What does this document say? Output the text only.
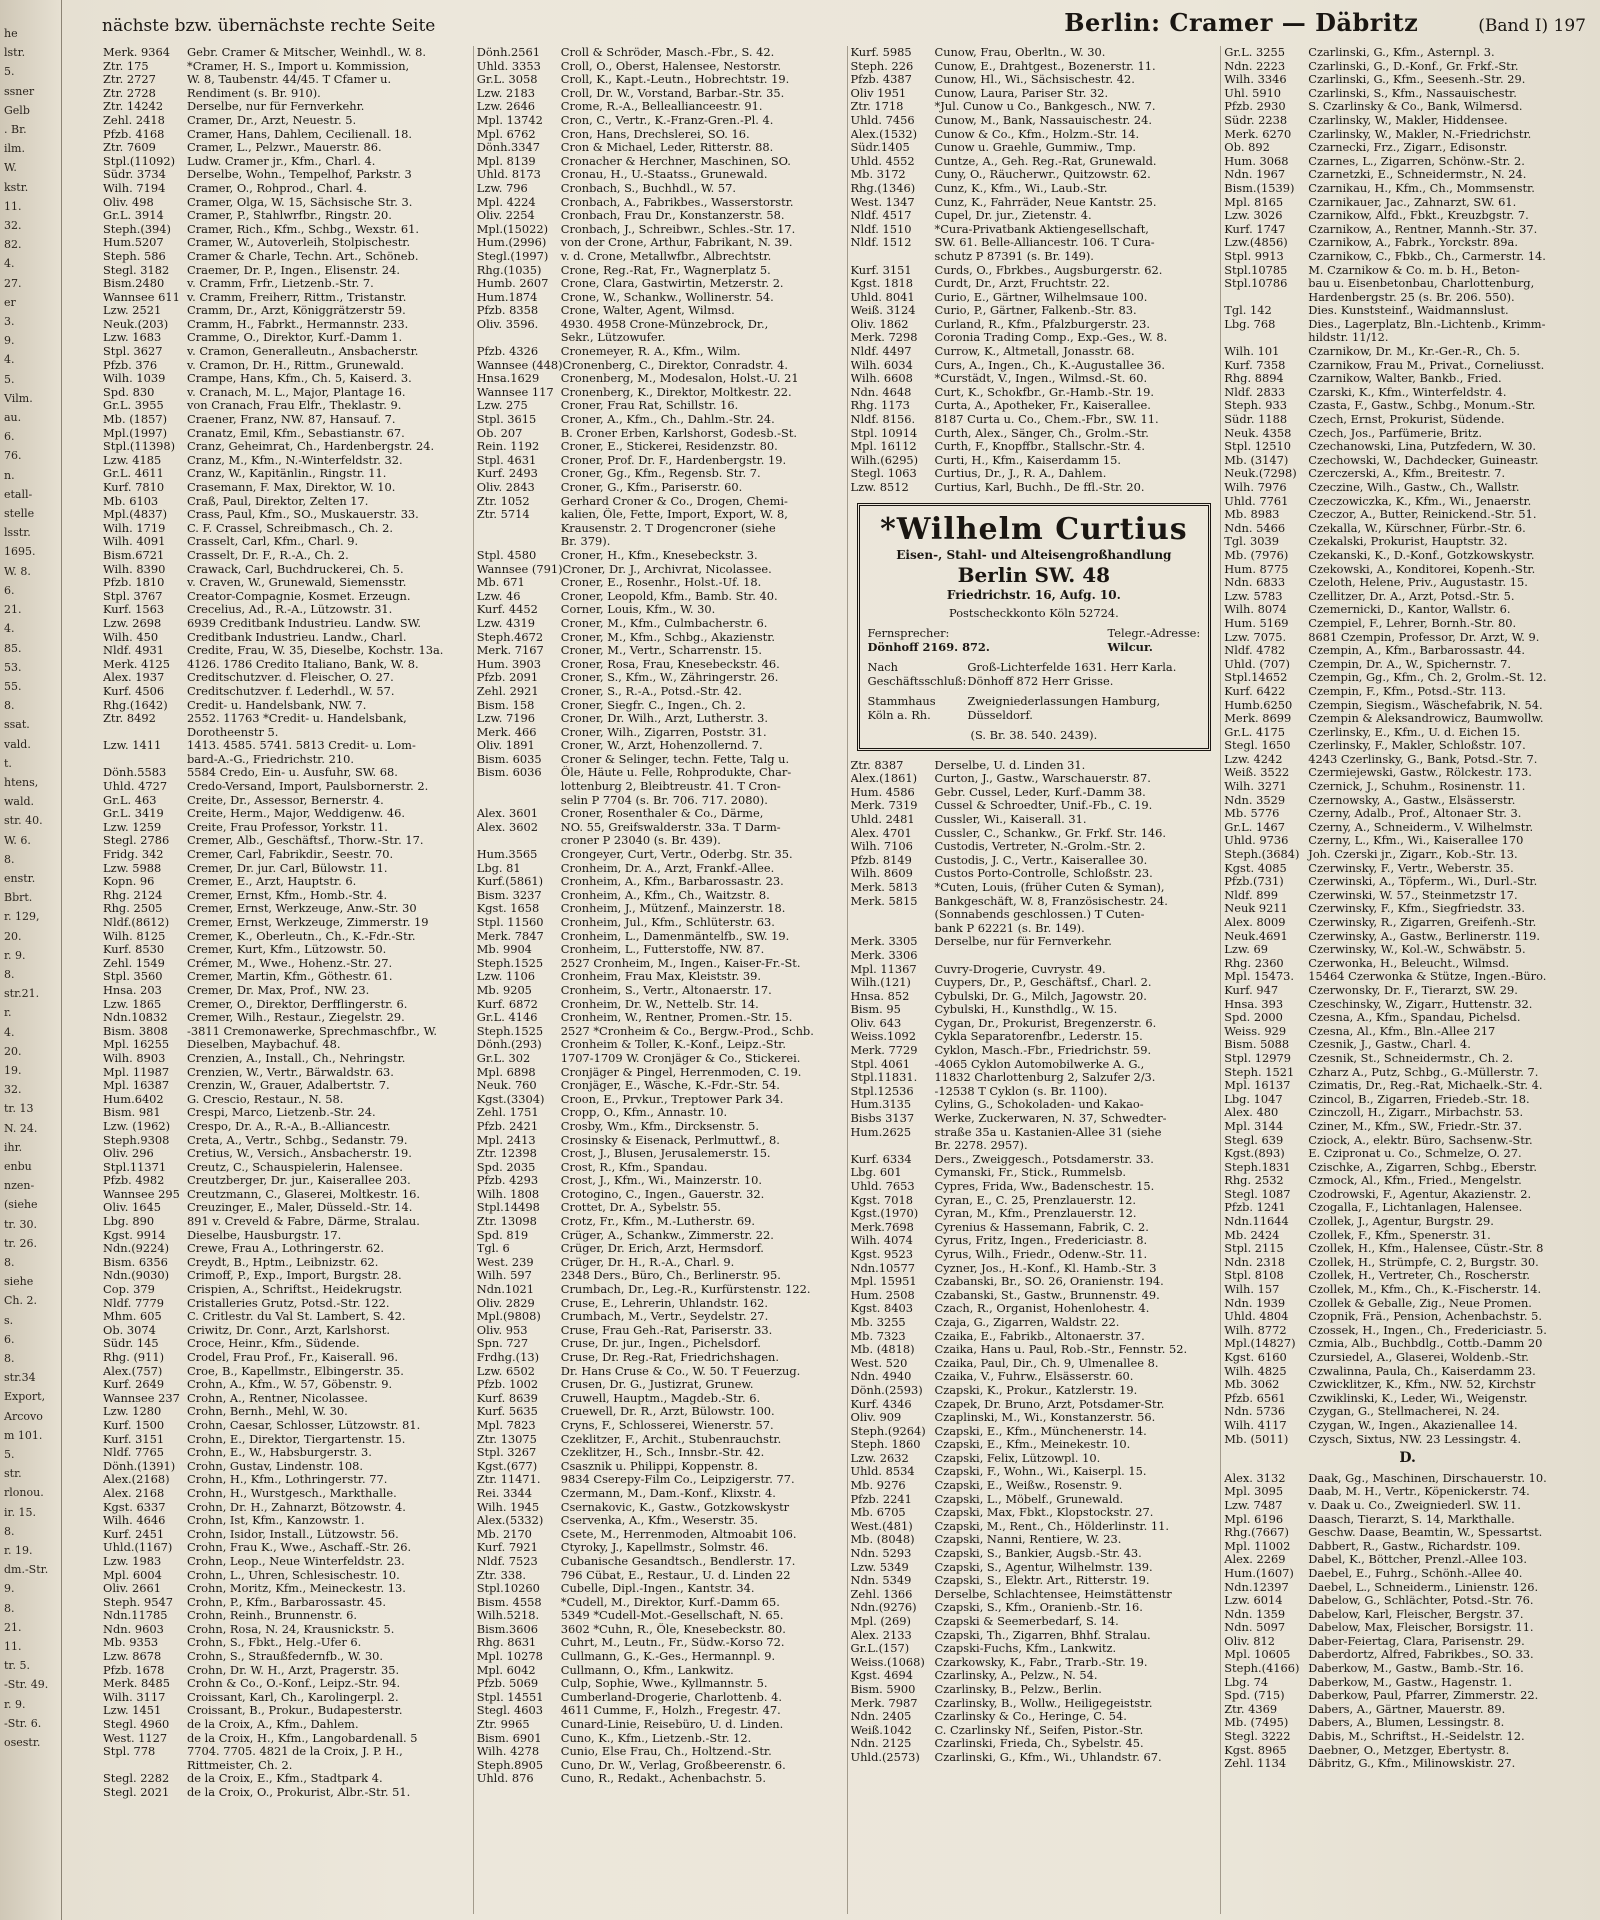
he
lstr.
5.
ssner
Gelb
. Br.
ilm.
W.
kstr.
11.
32.
82.
4.
27.
er
3.
9.
4.
5.
Vilm.
au.
6.
76.
n.
etall-
stelle
lsstr.
1695.
W. 8.
6.
21.
4.
85.
53.
55.
8.
ssat.
vald.
t.
htens,
wald.
str. 40.
W. 6.
8.
enstr.
Bbrt.
r. 129,
20.
r. 9.
8.
str.21.
r.
4.
20.
19.
32.
tr. 13
N. 24.
ihr.
enbu
nzen-
(siehe
tr. 30.
tr. 26.
8.
siehe
Ch. 2.
s.
6.
8.
str.34
Export,
Arcovo
m 101.
5.
str.
rlonou.
ir. 15.
8.
r. 19.
dm.-Str.
9.
8.
21.
11.
tr. 5.
-Str. 49.
r. 9.
-Str. 6.
osestr.
nächste bzw. übernächste rechte Seite	Berlin: Cramer — Däbritz	(Band I) 197
Merk. 9364 Gebr. Cramer & Mitscher, Weinhdl., W. 8.
Ztr. 175	*Cramer, H. S., Import u. Kommission,
Ztr. 2727	W. 8, Taubenstr. 44/45. T Cfamer u.
Ztr. 2728	Rendiment (s. Br. 910).
Ztr. 14242 Derselbe, nur für Fernverkehr.
Zehl. 2418 Cramer, Dr., Arzt, Neuestr. 5.
Pfzb. 4168 Cramer, Hans, Dahlem, Cecilienall. 18.
Ztr. 7609	Cramer, L., Pelzwr., Mauerstr. 86.
Stpl.(11092) Ludw. Cramer jr., Kfm., Charl. 4.
Südr. 3734 Derselbe, Wohn., Tempelhof, Parkstr. 3
Wilh. 7194 Cramer, O., Rohprod., Charl. 4.
Oliv. 498	Cramer, Olga, W. 15, Sächsische Str. 3.
Gr.L. 3914 Cramer, P., Stahlwrfbr., Ringstr. 20.
Steph.(394) Cramer, Rich., Kfm., Schbg., Wexstr. 61.
Hum.5207 Cramer, W., Autoverleih, Stolpischestr.
Steph. 586 Cramer & Charle, Techn. Art., Schöneb.
Stegl. 3182 Craemer, Dr. P., Ingen., Elisenstr. 24.
Bism.2480 v. Cramm, Frfr., Lietzenb.-Str. 7.
Wannsee 611 v. Cramm, Freiherr, Rittm., Tristanstr.
Lzw. 2521 Cramm, Dr., Arzt, Königgrätzerstr 59.
Neuk.(203) Cramm, H., Fabrkt., Hermannstr. 233.
Lzw. 1683 Cramme, O., Direktor, Kurf.-Damm 1.
Stpl. 3627 v. Cramon, Generalleutn., Ansbacherstr.
Pfzb. 376	v. Cramon, Dr. H., Rittm., Grunewald.
Wilh. 1039 Crampe, Hans, Kfm., Ch. 5, Kaiserd. 3.
Spd. 830	v. Cranach, M. L., Major, Plantage 16.
Gr.L. 3955 von Cranach, Frau Elfr., Theklastr. 9.
Mb. (1857) Craener, Franz, NW. 87, Hansauf. 7.
Mpl.(1997) Cranatz, Emil, Kfm., Sebastianstr. 67.
Stpl.(11398) Cranz, Geheimrat, Ch., Hardenbergstr. 24.
Lzw. 4185 Cranz, M., Kfm., N.-Winterfeldstr. 32.
Gr.L. 4611 Cranz, W., Kapitänlin., Ringstr. 11.
Kurf. 7810 Crasemann, F. Max, Direktor, W. 10.
Mb. 6103	Craß, Paul, Direktor, Zelten 17.
Mpl.(4837) Crass, Paul, Kfm., SO., Muskauerstr. 33.
Wilh. 1719 C. F. Crassel, Schreibmasch., Ch. 2.
Wilh. 4091 Crasselt, Carl, Kfm., Charl. 9.
Bism.6721 Crasselt, Dr. F., R.-A., Ch. 2.
Wilh. 8390 Crawack, Carl, Buchdruckerei, Ch. 5.
Pfzb. 1810 v. Craven, W., Grunewald, Siemensstr.
Stpl. 3767 Creator-Compagnie, Kosmet. Erzeugn.
Kurf. 1563 Crecelius, Ad., R.-A., Lützowstr. 31.
Lzw. 2698 6939 Creditbank Industrieu. Landw. SW.
Wilh. 450	Creditbank Industrieu. Landw., Charl.
Nldf. 4931 Credite, Frau, W. 35, Dieselbe, Kochstr. 13a.
Merk. 4125 4126. 1786 Credito Italiano, Bank, W. 8.
Alex. 1937 Creditschutzver. d. Fleischer, O. 27.
Kurf. 4506 Creditschutzver. f. Lederhdl., W. 57.
Rhg.(1642) Credit- u. Handelsbank, NW. 7.
Ztr. 8492	2552. 11763 *Credit- u. Handelsbank,
Dorotheenstr 5.
Lzw. 1411 1413. 4585. 5741. 5813 Credit- u. Lom-
bard-A.-G., Friedrichstr. 210.
Dönh.5583 5584 Credo, Ein- u. Ausfuhr, SW. 68.
Uhld. 4727 Credo-Versand, Import, Paulsbornerstr. 2.
Gr.L. 463	Creite, Dr., Assessor, Bernerstr. 4.
Gr.L. 3419 Creite, Herm., Major, Weddigenw. 46.
Lzw. 1259 Creite, Frau Professor, Yorkstr. 11.
Stegl. 2786 Cremer, Alb., Geschäftsf., Thorw.-Str. 17.
Fridg. 342 Cremer, Carl, Fabrikdir., Seestr. 70.
Lzw. 5988 Cremer, Dr. jur. Carl, Bülowstr. 11.
Kopn. 96	Cremer, E., Arzt, Hauptstr. 6.
Rhg. 2124 Cremer, Ernst, Kfm., Homb.-Str. 4.
Rhg. 2505 Cremer, Ernst, Werkzeuge, Anw.-Str. 30
Nldf.(8612) Cremer, Ernst, Werkzeuge, Zimmerstr. 19
Wilh. 8125 Cremer, K., Oberleutn., Ch., K.-Fdr.-Str.
Kurf. 8530 Cremer, Kurt, Kfm., Lützowstr. 50.
Zehl. 1549 Crémer, M., Wwe., Hohenz.-Str. 27.
Stpl. 3560 Cremer, Martin, Kfm., Göthestr. 61.
Hnsa. 203 Cremer, Dr. Max, Prof., NW. 23.
Lzw. 1865 Cremer, O., Direktor, Derfflingerstr. 6.
Ndn.10832 Cremer, Wilh., Restaur., Ziegelstr. 29.
Bism. 3808 -3811 Cremonawerke, Sprechmaschfbr., W.
Mpl. 16255 Dieselben, Maybachuf. 48.
Wilh. 8903 Crenzien, A., Install., Ch., Nehringstr.
Mpl. 11987 Crenzien, W., Vertr., Bärwaldstr. 63.
Mpl. 16387 Crenzin, W., Grauer, Adalbertstr. 7.
Hum.6402 G. Crescio, Restaur., N. 58.
Bism. 981 Crespi, Marco, Lietzenb.-Str. 24.
Lzw. (1962) Crespo, Dr. A., R.-A., B.-Alliancestr.
Steph.9308 Creta, A., Vertr., Schbg., Sedanstr. 79.
Oliv. 296	Cretius, W., Versich., Ansbacherstr. 19.
Stpl.11371 Creutz, C., Schauspielerin, Halensee.
Pfzb. 4982 Creutzberger, Dr. jur., Kaiserallee 203.
Wannsee 295 Creutzmann, C., Glaserei, Moltkestr. 16.
Oliv. 1645 Creuzinger, E., Maler, Düsseld.-Str. 14.
Lbg. 890	891 v. Creveld & Fabre, Därme, Stralau.
Kgst. 9914 Dieselbe, Hausburgstr. 17.
Ndn.(9224) Crewe, Frau A., Lothringerstr. 62.
Bism. 6356 Creydt, B., Hptm., Leibnizstr. 62.
Ndn.(9030) Crimoff, P., Exp., Import, Burgstr. 28.
Cop. 379	Crispien, A., Schriftst., Heidekrugstr.
Nldf. 7779 Cristalleries Grutz, Potsd.-Str. 122.
Mhm. 605 C. Critlestr. du Val St. Lambert, S. 42.
Ob. 3074	Criwitz, Dr. Conr., Arzt, Karlshorst.
Südr. 145 Croce, Heinr., Kfm., Südende.
Rhg. (911) Crodel, Frau Prof., Fr., Kaiserall. 96.
Alex.(757) Croe, B., Kapellmstr., Elbingerstr. 35.
Kurf. 2649 Crohn, A., Kfm., W. 57, Göbenstr. 9.
Wannsee 237 Crohn, A., Rentner, Nicolassee.
Lzw. 1280 Crohn, Bernh., Mehl, W. 30.
Kurf. 1500 Crohn, Caesar, Schlosser, Lützowstr. 81.
Kurf. 3151 Crohn, E., Direktor, Tiergartenstr. 15.
Nldf. 7765 Crohn, E., W., Habsburgerstr. 3.
Dönh.(1391) Crohn, Gustav, Lindenstr. 108.
Alex.(2168) Crohn, H., Kfm., Lothringerstr. 77.
Alex. 2168 Crohn, H., Wurstgesch., Markthalle.
Kgst. 6337 Crohn, Dr. H., Zahnarzt, Bötzowstr. 4.
Wilh. 4646 Crohn, Ist, Kfm., Kanzowstr. 1.
Kurf. 2451 Crohn, Isidor, Install., Lützowstr. 56.
Uhld.(1167) Crohn, Frau K., Wwe., Aschaff.-Str. 26.
Lzw. 1983 Crohn, Leop., Neue Winterfeldstr. 23.
Mpl. 6004 Crohn, L., Uhren, Schlesischestr. 10.
Oliv. 2661 Crohn, Moritz, Kfm., Meineckestr. 13.
Steph. 9547 Crohn, P., Kfm., Barbarossastr. 45.
Ndn.11785 Crohn, Reinh., Brunnenstr. 6.
Ndn. 9603 Crohn, Rosa, N. 24, Krausnickstr. 5.
Mb. 9353	Crohn, S., Fbkt., Helg.-Ufer 6.
Lzw. 8678 Crohn, S., Straußfedernfb., W. 30.
Pfzb. 1678 Crohn, Dr. W. H., Arzt, Pragerstr. 35.
Merk. 8485 Crohn & Co., O.-Konf., Leipz.-Str. 94.
Wilh. 3117 Croissant, Karl, Ch., Karolingerpl. 2.
Lzw. 1451 Croissant, B., Prokur., Budapesterstr.
Stegl. 4960 de la Croix, A., Kfm., Dahlem.
West. 1127 de la Croix, H., Kfm., Langobardenall. 5
Stpl. 778	7704. 7705. 4821 de la Croix, J. P. H.,
Rittmeister, Ch. 2.
Stegl. 2282 de la Croix, E., Kfm., Stadtpark 4.
Stegl. 2021 de la Croix, O., Prokurist, Albr.-Str. 51.
Dönh.2561 Croll & Schröder, Masch.-Fbr., S. 42.
Uhld. 3353 Croll, O., Oberst, Halensee, Nestorstr.
Gr.L. 3058 Croll, K., Kapt.-Leutn., Hobrechtstr. 19.
Lzw. 2183 Croll, Dr. W., Vorstand, Barbar.-Str. 35.
Lzw. 2646 Crome, R.-A., Belleallianceestr. 91.
Mpl. 13742 Cron, C., Vertr., K.-Franz-Gren.-Pl. 4.
Mpl. 6762 Cron, Hans, Drechslerei, SO. 16.
Dönh.3347 Cron & Michael, Leder, Ritterstr. 88.
Mpl. 8139 Cronacher & Herchner, Maschinen, SO.
Uhld. 8173 Cronau, H., U.-Staatss., Grunewald.
Lzw. 796	Cronbach, S., Buchhdl., W. 57.
Mpl. 4224 Cronbach, A., Fabrikbes., Wasserstorstr.
Oliv. 2254 Cronbach, Frau Dr., Konstanzerstr. 58.
Mpl.(15022) Cronbach, J., Schreibwr., Schles.-Str. 17.
Hum.(2996) von der Crone, Arthur, Fabrikant, N. 39.
Stegl.(1997) v. d. Crone, Metallwfbr., Albrechtstr.
Rhg.(1035) Crone, Reg.-Rat, Fr., Wagnerplatz 5.
Humb. 2607 Crone, Clara, Gastwirtin, Metzerstr. 2.
Hum.1874 Crone, W., Schankw., Wollinerstr. 54.
Pfzb. 8358 Crone, Walter, Agent, Wilmsd.
Oliv. 3596. 4930. 4958 Crone-Münzebrock, Dr.,
Sekr., Lützowufer.
Pfzb. 4326 Cronemeyer, R. A., Kfm., Wilm.
Wannsee (448)Cronenberg, C., Direktor, Conradstr. 4.
Hnsa.1629 Cronenberg, M., Modesalon, Holst.-U. 21
Wannsee 117 Cronenberg, K., Direktor, Moltkestr. 22.
Lzw. 275	Croner, Frau Rat, Schillstr. 16.
Stpl. 3615 Croner, A., Kfm., Ch., Dahlm.-Str. 24.
Ob. 207	B. Croner Erben, Karlshorst, Godesb.-St.
Rein. 1192 Croner, E., Stickerei, Residenzstr. 80.
Stpl. 4631 Croner, Prof. Dr. F., Hardenbergstr. 19.
Kurf. 2493 Croner, Gg., Kfm., Regensb. Str. 7.
Oliv. 2843 Croner, G., Kfm., Pariserstr. 60.
Ztr. 1052	Gerhard Croner & Co., Drogen, Chemi-
Ztr. 5714	kalien, Öle, Fette, Import, Export, W. 8,
Krausenstr. 2. T Drogencroner (siehe
Br. 379).
Stpl. 4580 Croner, H., Kfm., Knesebeckstr. 3.
Wannsee (791)Croner, Dr. J., Archivrat, Nicolassee.
Mb. 671	Croner, E., Rosenhr., Holst.-Uf. 18.
Lzw. 46	Croner, Leopold, Kfm., Bamb. Str. 40.
Kurf. 4452 Corner, Louis, Kfm., W. 30.
Lzw. 4319 Croner, M., Kfm., Culmbacherstr. 6.
Steph.4672 Croner, M., Kfm., Schbg., Akazienstr.
Merk. 7167 Croner, M., Vertr., Scharrenstr. 15.
Hum. 3903 Croner, Rosa, Frau, Knesebeckstr. 46.
Pfzb. 2091 Croner, S., Kfm., W., Zähringerstr. 26.
Zehl. 2921 Croner, S., R.-A., Potsd.-Str. 42.
Bism. 158 Croner, Siegfr. C., Ingen., Ch. 2.
Lzw. 7196 Croner, Dr. Wilh., Arzt, Lutherstr. 3.
Merk. 466 Croner, Wilh., Zigarren, Poststr. 31.
Oliv. 1891 Croner, W., Arzt, Hohenzollernd. 7.
Bism. 6035 Croner & Selinger, techn. Fette, Talg u.
Bism. 6036 Öle, Häute u. Felle, Rohprodukte, Char-
lottenburg 2, Bleibtreustr. 41. T Cron-
selin P 7704 (s. Br. 706. 717. 2080).
Alex. 3601 Croner, Rosenthaler & Co., Därme,
Alex. 3602 NO. 55, Greifswalderstr. 33a. T Darm-
croner P 23040 (s. Br. 439).
Hum.3565 Crongeyer, Curt, Vertr., Oderbg. Str. 35.
Lbg. 81	Cronheim, Dr. A., Arzt, Frankf.-Allee.
Kurf.(5861) Cronheim, A., Kfm., Barbarossastr. 23.
Bism. 3237 Cronheim, A., Kfm., Ch., Waitzstr. 8.
Kgst. 1658 Cronheim, J., Mützenf., Mainzerstr. 18.
Stpl. 11560 Cronheim, Jul., Kfm., Schlüterstr. 63.
Merk. 7847 Cronheim, L., Damenmäntelfb., SW. 19.
Mb. 9904	Cronheim, L., Futterstoffe, NW. 87.
Steph.1525 2527 Cronheim, M., Ingen., Kaiser-Fr.-St.
Lzw. 1106 Cronheim, Frau Max, Kleiststr. 39.
Mb. 9205	Cronheim, S., Vertr., Altonaerstr. 17.
Kurf. 6872 Cronheim, Dr. W., Nettelb. Str. 14.
Gr.L. 4146 Cronheim, W., Rentner, Promen.-Str. 15.
Steph.1525 2527 *Cronheim & Co., Bergw.-Prod., Schb.
Dönh.(293) Cronheim & Toller, K.-Konf., Leipz.-Str.
Gr.L. 302	1707-1709 W. Cronjäger & Co., Stickerei.
Mpl. 6898 Cronjäger & Pingel, Herrenmoden, C. 19.
Neuk. 760 Cronjäger, E., Wäsche, K.-Fdr.-Str. 54.
Kgst.(3304) Croon, E., Prvkur., Treptower Park 34.
Zehl. 1751 Cropp, O., Kfm., Annastr. 10.
Pfzb. 2421 Crosby, Wm., Kfm., Dircksenstr. 5.
Mpl. 2413 Crosinsky & Eisenack, Perlmuttwf., 8.
Ztr. 12398 Crost, J., Blusen, Jerusalemerstr. 15.
Spd. 2035 Crost, R., Kfm., Spandau.
Pfzb. 4293 Crost, J., Kfm., Wi., Mainzerstr. 10.
Wilh. 1808 Crotogino, C., Ingen., Gauerstr. 32.
Stpl.14498 Crottet, Dr. A., Sybelstr. 55.
Ztr. 13098 Crotz, Fr., Kfm., M.-Lutherstr. 69.
Spd. 819	Crüger, A., Schankw., Zimmerstr. 22.
Tgl. 6	Crüger, Dr. Erich, Arzt, Hermsdorf.
West. 239 Crüger, Dr. H., R.-A., Charl. 9.
Wilh. 597	2348 Ders., Büro, Ch., Berlinerstr. 95.
Ndn.1021 Crumbach, Dr., Leg.-R., Kurfürstenstr. 122.
Oliv. 2829 Cruse, E., Lehrerin, Uhlandstr. 162.
Mpl.(9808) Crumbach, M., Vertr., Seydelstr. 27.
Oliv. 953	Cruse, Frau Geh.-Rat, Pariserstr. 33.
Spn. 727	Cruse, Dr. jur., Ingen., Pichelsdorf.
Frdhg.(13) Cruse, Dr. Reg.-Rat, Friedrichshagen.
Lzw. 6502 Dr. Hans Cruse & Co., W. 50. T Feuerzug.
Pfzb. 1002 Crusen, Dr. G., Justizrat, Grunew.
Kurf. 8639 Cruwell, Hauptm., Magdeb.-Str. 6.
Kurf. 5635 Cruewell, Dr. R., Arzt, Bülowstr. 100.
Mpl. 7823 Cryns, F., Schlosserei, Wienerstr. 57.
Ztr. 13075 Czeklitzer, F., Archit., Stubenrauchstr.
Stpl. 3267 Czeklitzer, H., Sch., Innsbr.-Str. 42.
Kgst.(677) Csasznik u. Philippi, Koppenstr. 8.
Ztr. 11471. 9834 Cserepy-Film Co., Leipzigerstr. 77.
Rei. 3344	Czermann, M., Dam.-Konf., Klixstr. 4.
Wilh. 1945 Csernakovic, K., Gastw., Gotzkowskystr
Alex.(5332) Cservenka, A., Kfm., Weserstr. 35.
Mb. 2170	Csete, M., Herrenmoden, Altmoabit 106.
Kurf. 7921 Ctyroky, J., Kapellmstr., Solmstr. 46.
Nldf. 7523 Cubanische Gesandtsch., Bendlerstr. 17.
Ztr. 338.	796 Cübat, E., Restaur., U. d. Linden 22
Stpl.10260 Cubelle, Dipl.-Ingen., Kantstr. 34.
Bism. 4558 *Cudell, M., Direktor, Kurf.-Damm 65.
Wilh.5218. 5349 *Cudell-Mot.-Gesellschaft, N. 65.
Bism.3606 3602 *Cuhn, R., Öle, Knesebeckstr. 80.
Rhg. 8631 Cuhrt, M., Leutn., Fr., Südw.-Korso 72.
Mpl. 10278 Cullmann, G., K.-Ges., Hermannpl. 9.
Mpl. 6042 Cullmann, O., Kfm., Lankwitz.
Pfzb. 5069 Culp, Sophie, Wwe., Kyllmannstr. 5.
Stpl. 14551 Cumberland-Drogerie, Charlottenb. 4.
Stegl. 4603 4611 Cumme, F., Holzh., Fregestr. 47.
Ztr. 9965	Cunard-Linie, Reisebüro, U. d. Linden.
Bism. 6901 Cuno, K., Kfm., Lietzenb.-Str. 12.
Wilh. 4278 Cunio, Else Frau, Ch., Holtzend.-Str.
Steph.8905 Cuno, Dr. W., Verlag, Großbeerenstr. 6.
Uhld. 876 Cuno, R., Redakt., Achenbachstr. 5.
Kurf. 5985 Cunow, Frau, Oberltn., W. 30.
Steph. 226 Cunow, E., Drahtgest., Bozenerstr. 11.
Pfzb. 4387 Cunow, Hl., Wi., Sächsischestr. 42.
Oliv 1951 Cunow, Laura, Pariser Str. 32.
Ztr. 1718	*Jul. Cunow u Co., Bankgesch., NW. 7.
Uhld. 7456 Cunow, M., Bank, Nassauischestr. 24.
Alex.(1532) Cunow & Co., Kfm., Holzm.-Str. 14.
Südr.1405 Cunow u. Graehle, Gummiw., Tmp.
Uhld. 4552 Cuntze, A., Geh. Reg.-Rat, Grunewald.
Mb. 3172	Cuny, O., Räucherwr., Quitzowstr. 62.
Rhg.(1346) Cunz, K., Kfm., Wi., Laub.-Str.
West. 1347 Cunz, K., Fahrräder, Neue Kantstr. 25.
Nldf. 4517 Cupel, Dr. jur., Zietenstr. 4.
Nldf. 1510 *Cura-Privatbank Aktiengesellschaft,
Nldf. 1512 SW. 61. Belle-Alliancestr. 106. T Cura-
schutz P 87391 (s. Br. 149).
Kurf. 3151 Curds, O., Fbrkbes., Augsburgerstr. 62.
Kgst. 1818 Curdt, Dr., Arzt, Fruchtstr. 22.
Uhld. 8041 Curio, E., Gärtner, Wilhelmsaue 100.
Weiß. 3124 Curio, P., Gärtner, Falkenb.-Str. 83.
Oliv. 1862 Curland, R., Kfm., Pfalzburgerstr. 23.
Merk. 7298 Coronia Trading Comp., Exp.-Ges., W. 8.
Nldf. 4497 Currow, K., Altmetall, Jonasstr. 68.
Wilh. 6034 Curs, A., Ingen., Ch., K.-Augustallee 36.
Wilh. 6608 *Curstädt, V., Ingen., Wilmsd.-St. 60.
Ndn. 4648 Curt, K., Schokfbr., Gr.-Hamb.-Str. 19.
Rhg. 1173 Curta, A., Apotheker, Fr., Kaiserallee.
Nldf. 8156. 8187 Curta u. Co., Chem.-Fbr., SW. 11.
Stpl. 10914 Curth, Alex., Sänger, Ch., Grolm.-Str.
Mpl. 16112 Curth, F., Knopffbr., Stallschr.-Str. 4.
Wilh.(6295) Curti, H., Kfm., Kaiserdamm 15.
Stegl. 1063 Curtius, Dr., J., R. A., Dahlem.
Lzw. 8512 Curtius, Karl, Buchh., De ffl.-Str. 20.
*Wilhelm Curtius
Eisen-, Stahl- und Alteisengroßhandlung
Berlin SW. 48
Friedrichstr. 16, Aufg. 10.
Postscheckkonto Köln 52724.
Fernsprecher:
Dönhoff 2169. 872.
Telegr.-Adresse:
Wilcur.
Nach Geschäftsschluß:
Groß-Lichterfelde 1631. Herr Karla. Dönhoff 872 Herr Grisse.
Stammhaus Köln a. Rh.
Zweigniederlassungen Hamburg, Düsseldorf.
(S. Br. 38. 540. 2439).
Ztr. 8387	Derselbe, U. d. Linden 31.
Alex.(1861) Curton, J., Gastw., Warschauerstr. 87.
Hum. 4586 Gebr. Cussel, Leder, Kurf.-Damm 38.
Merk. 7319 Cussel & Schroedter, Unif.-Fb., C. 19.
Uhld. 2481 Cussler, Wi., Kaiserall. 31.
Alex. 4701 Cussler, C., Schankw., Gr. Frkf. Str. 146.
Wilh. 7106 Custodis, Vertreter, N.-Grolm.-Str. 2.
Pfzb. 8149 Custodis, J. C., Vertr., Kaiserallee 30.
Wilh. 8609 Custos Porto-Controlle, Schloßstr. 23.
Merk. 5813 *Cuten, Louis, (früher Cuten & Syman),
Merk. 5815 Bankgeschäft, W. 8, Französischestr. 24.
(Sonnabends geschlossen.) T Cuten-
bank P 62221 (s. Br. 149).
Merk. 3305 Derselbe, nur für Fernverkehr.
Merk. 3306
Mpl. 11367 Cuvry-Drogerie, Cuvrystr. 49.
Wilh.(121) Cuypers, Dr., P., Geschäftsf., Charl. 2.
Hnsa. 852 Cybulski, Dr. G., Milch, Jagowstr. 20.
Bism. 95	Cybulski, H., Kunsthdlg., W. 15.
Oliv. 643	Cygan, Dr., Prokurist, Bregenzerstr. 6.
Weiss.1092 Cykla Separatorenfbr., Lederstr. 15.
Merk. 7729 Cyklon, Masch.-Fbr., Friedrichstr. 59.
Stpl. 4061 -4065 Cyklon Automobilwerke A. G.,
Stpl.11831. 11832 Charlottenburg 2, Salzufer 2/3.
Stpl.12536 -12538 T Cyklon (s. Br. 1100).
Hum.3135 Cylins, G., Schokoladen- und Kakao-
Bisbs 3137 Werke, Zuckerwaren, N. 37, Schwedter-
Hum.2625 straße 35a u. Kastanien-Allee 31 (siehe
Br. 2278. 2957).
Kurf. 6334 Ders., Zweiggesch., Potsdamerstr. 33.
Lbg. 601	Cymanski, Fr., Stick., Rummelsb.
Uhld. 7653 Cypres, Frida, Ww., Badenschestr. 15.
Kgst. 7018 Cyran, E., C. 25, Prenzlauerstr. 12.
Kgst.(1970) Cyran, M., Kfm., Prenzlauerstr. 12.
Merk.7698 Cyrenius & Hassemann, Fabrik, C. 2.
Wilh. 4074 Cyrus, Fritz, Ingen., Fredericiastr. 8.
Kgst. 9523 Cyrus, Wilh., Friedr., Odenw.-Str. 11.
Ndn.10577 Cyzner, Jos., H.-Konf., Kl. Hamb.-Str. 3
Mpl. 15951 Czabanski, Br., SO. 26, Oranienstr. 194.
Hum. 2508 Czabanski, St., Gastw., Brunnenstr. 49.
Kgst. 8403 Czach, R., Organist, Hohenlohestr. 4.
Mb. 3255	Czaja, G., Zigarren, Waldstr. 22.
Mb. 7323	Czaika, E., Fabrikb., Altonaerstr. 37.
Mb. (4818) Czaika, Hans u. Paul, Rob.-Str., Fennstr. 52.
West. 520 Czaika, Paul, Dir., Ch. 9, Ulmenallee 8.
Ndn. 4940 Czaika, V., Fuhrw., Elsässerstr. 60.
Dönh.(2593) Czapski, K., Prokur., Katzlerstr. 19.
Kurf. 4346 Czapek, Dr. Bruno, Arzt, Potsdamer-Str.
Oliv. 909	Czaplinski, M., Wi., Konstanzerstr. 56.
Steph.(9264) Czapski, E., Kfm., Münchenerstr. 14.
Steph. 1860 Czapski, E., Kfm., Meinekestr. 10.
Lzw. 2632 Czapski, Felix, Lützowpl. 10.
Uhld. 8534 Czapski, F., Wohn., Wi., Kaiserpl. 15.
Mb. 9276	Czapski, E., Weißw., Rosenstr. 9.
Pfzb. 2241 Czapski, L., Möbelf., Grunewald.
Mb. 6705	Czapski, Max, Fbkt., Klopstockstr. 27.
West.(481) Czapski, M., Rent., Ch., Hölderlinstr. 11.
Mb. (8048) Czapski, Nanni, Rentiere, W. 23.
Ndn. 5293 Czapski, S., Bankier, Augsb.-Str. 43.
Lzw. 5349 Czapski, S., Agentur, Wilhelmstr. 139.
Ndn. 5349 Czapski, S., Elektr. Art., Ritterstr. 19.
Zehl. 1366 Derselbe, Schlachtensee, Heimstättenstr
Ndn.(9276) Czapski, S., Kfm., Oranienb.-Str. 16.
Mpl. (269) Czapski & Seemerbedarf, S. 14.
Alex. 2133 Czapski, Th., Zigarren, Bhhf. Stralau.
Gr.L.(157) Czapski-Fuchs, Kfm., Lankwitz.
Weiss.(1068) Czarkowsky, K., Fabr., Trarb.-Str. 19.
Kgst. 4694 Czarlinsky, A., Pelzw., N. 54.
Bism. 5900 Czarlinsky, B., Pelzw., Berlin.
Merk. 7987 Czarlinsky, B., Wollw., Heiligegeiststr.
Ndn. 2405 Czarlinsky & Co., Heringe, C. 54.
Weiß.1042 C. Czarlinsky Nf., Seifen, Pistor.-Str.
Ndn. 2125 Czarlinski, Frieda, Ch., Sybelstr. 45.
Uhld.(2573) Czarlinski, G., Kfm., Wi., Uhlandstr. 67.
Gr.L. 3255 Czarlinski, G., Kfm., Asternpl. 3.
Ndn. 2223 Czarlinski, G., D.-Konf., Gr. Frkf.-Str.
Wilh. 3346 Czarlinski, G., Kfm., Seesenh.-Str. 29.
Uhl. 5910 Czarlinski, S., Kfm., Nassauischestr.
Pfzb. 2930 S. Czarlinsky & Co., Bank, Wilmersd.
Südr. 2238 Czarlinsky, W., Makler, Hiddensee.
Merk. 6270 Czarlinsky, W., Makler, N.-Friedrichstr.
Ob. 892	Czarnecki, Frz., Zigarr., Edisonstr.
Hum. 3068 Czarnes, L., Zigarren, Schönw.-Str. 2.
Ndn. 1967 Czarnetzki, E., Schneidermstr., N. 24.
Bism.(1539) Czarnikau, H., Kfm., Ch., Mommsenstr.
Mpl. 8165 Czarnikauer, Jac., Zahnarzt, SW. 61.
Lzw. 3026 Czarnikow, Alfd., Fbkt., Kreuzbgstr. 7.
Kurf. 1747 Czarnikow, A., Rentner, Mannh.-Str. 37.
Lzw.(4856) Czarnikow, A., Fabrk., Yorckstr. 89a.
Stpl. 9913 Czarnikow, C., Fbkb., Ch., Carmerstr. 14.
Stpl.10785 M. Czarnikow & Co. m. b. H., Beton-
Stpl.10786 bau u. Eisenbetonbau, Charlottenburg,
Hardenbergstr. 25 (s. Br. 206. 550).
Tgl. 142	Dies. Kunststeinf., Waidmannslust.
Lbg. 768	Dies., Lagerplatz, Bln.-Lichtenb., Krimm-
hildstr. 11/12.
Wilh. 101	Czarnikow, Dr. M., Kr.-Ger.-R., Ch. 5.
Kurf. 7358 Czarnikow, Frau M., Privat., Corneliusst.
Rhg. 8894 Czarnikow, Walter, Bankb., Fried.
Nldf. 2833 Czarski, K., Kfm., Winterfeldstr. 4.
Steph. 933 Czasta, F., Gastw., Schbg., Monum.-Str.
Südr. 1188 Czech, Ernst, Prokurist, Südende.
Neuk. 4358 Czech, Jos., Parfümerie, Britz.
Stpl. 12510 Czechanowski, Lina, Putzfedern, W. 30.
Mb. (3147) Czechowski, W., Dachdecker, Guineastr.
Neuk.(7298) Czerczerski, A., Kfm., Breitestr. 7.
Wilh. 7976 Czeczine, Wilh., Gastw., Ch., Wallstr.
Uhld. 7761 Czeczowiczka, K., Kfm., Wi., Jenaerstr.
Mb. 8983	Czeczor, A., Butter, Reinickend.-Str. 51.
Ndn. 5466 Czekalla, W., Kürschner, Fürbr.-Str. 6.
Tgl. 3039	Czekalski, Prokurist, Hauptstr. 32.
Mb. (7976) Czekanski, K., D.-Konf., Gotzkowskystr.
Hum. 8775 Czekowski, A., Konditorei, Kopenh.-Str.
Ndn. 6833 Czeloth, Helene, Priv., Augustastr. 15.
Lzw. 5783 Czellitzer, Dr. A., Arzt, Potsd.-Str. 5.
Wilh. 8074 Czemernicki, D., Kantor, Wallstr. 6.
Hum. 5169 Czempiel, F., Lehrer, Bornh.-Str. 80.
Lzw. 7075. 8681 Czempin, Professor, Dr. Arzt, W. 9.
Nldf. 4782 Czempin, A., Kfm., Barbarossastr. 44.
Uhld. (707) Czempin, Dr. A., W., Spichernstr. 7.
Stpl.14652 Czempin, Gg., Kfm., Ch. 2, Grolm.-St. 12.
Kurf. 6422 Czempin, F., Kfm., Potsd.-Str. 113.
Humb.6250 Czempin, Siegism., Wäschefabrik, N. 54.
Merk. 8699 Czempin & Aleksandrowicz, Baumwollw.
Gr.L. 4175 Czerlinsky, E., Kfm., U. d. Eichen 15.
Stegl. 1650 Czerlinsky, F., Makler, Schloßstr. 107.
Lzw. 4242 4243 Czerlinsky, G., Bank, Potsd.-Str. 7.
Weiß. 3522 Czermiejewski, Gastw., Rölckestr. 173.
Wilh. 3271 Czernick, J., Schuhm., Rosinenstr. 11.
Ndn. 3529 Czernowsky, A., Gastw., Elsässerstr.
Mb. 5776	Czerny, Adalb., Prof., Altonaer Str. 3.
Gr.L. 1467 Czerny, A., Schneiderm., V. Wilhelmstr.
Uhld. 9736 Czerny, L., Kfm., Wi., Kaiserallee 170
Steph.(3684) Joh. Czerski jr., Zigarr., Kob.-Str. 13.
Kgst. 4085 Czerwinsky, F., Vertr., Weberstr. 35.
Pfzb.(731) Czerwinski, A., Töpferm., Wi., Durl.-Str.
Nldf. 899	Czerwinski, W. 57., Steinmetzstr 17.
Neuk 9211 Czerwinsky, F., Kfm., Siegfriedstr. 33.
Alex. 8009 Czerwinsky, R., Zigarren, Greifenh.-Str.
Neuk.4691 Czerwinsky, A., Gastw., Berlinerstr. 119.
Lzw. 69	Czerwinsky, W., Kol.-W., Schwäbstr. 5.
Rhg. 2360 Czerwonka, H., Beleucht., Wilmsd.
Mpl. 15473. 15464 Czerwonka & Stütze, Ingen.-Büro.
Kurf. 947	Czerwonsky, Dr. F., Tierarzt, SW. 29.
Hnsa. 393 Czeschinsky, W., Zigarr., Huttenstr. 32.
Spd. 2000 Czesna, A., Kfm., Spandau, Pichelsd.
Weiss. 929 Czesna, Al., Kfm., Bln.-Allee 217
Bism. 5088 Czesnik, J., Gastw., Charl. 4.
Stpl. 12979 Czesnik, St., Schneidermstr., Ch. 2.
Steph. 1521 Czharz A., Putz, Schbg., G.-Müllerstr. 7.
Mpl. 16137 Czimatis, Dr., Reg.-Rat, Michaelk.-Str. 4.
Lbg. 1047 Czincol, B., Zigarren, Friedeb.-Str. 18.
Alex. 480	Czinczoll, H., Zigarr., Mirbachstr. 53.
Mpl. 3144 Cziner, M., Kfm., SW., Friedr.-Str. 37.
Stegl. 639 Cziock, A., elektr. Büro, Sachsenw.-Str.
Kgst.(893) E. Czipronat u. Co., Schmelze, O. 27.
Steph.1831 Czischke, A., Zigarren, Schbg., Eberstr.
Rhg. 2532 Czmock, Al., Kfm., Fried., Mengelstr.
Stegl. 1087 Czodrowski, F., Agentur, Akazienstr. 2.
Pfzb. 1241 Czogalla, F., Lichtanlagen, Halensee.
Ndn.11644 Czollek, J., Agentur, Burgstr. 29.
Mb. 2424	Czollek, F., Kfm., Spenerstr. 31.
Stpl. 2115 Czollek, H., Kfm., Halensee, Cüstr.-Str. 8
Ndn. 2318 Czollek, H., Strümpfe, C. 2, Burgstr. 30.
Stpl. 8108 Czollek, H., Vertreter, Ch., Roscherstr.
Wilh. 157	Czollek, M., Kfm., Ch., K.-Fischerstr. 14.
Ndn. 1939 Czollek & Geballe, Zig., Neue Promen.
Uhld. 4804 Czopnik, Frä., Pension, Achenbachstr. 5.
Wilh. 8772 Czossek, H., Ingen., Ch., Fredericiastr. 5.
Mpl.(14827) Czmia, Alb., Buchbdlg., Cottb.-Damm 20
Kgst. 6160 Czursiedel, A., Glaserei, Woldenb.-Str.
Wilh. 4825 Czwalinna, Paula, Ch., Kaiserdamm 23.
Mb. 3062	Czwicklitzer, K., Kfm., NW. 52, Kirchstr
Pfzb. 6561 Czwiklinski, K., Leder, Wi., Weigenstr.
Ndn. 5736 Czygan, G., Stellmacherei, N. 24.
Wilh. 4117 Czygan, W., Ingen., Akazienallee 14.
Mb. (5011) Czysch, Sixtus, NW. 23 Lessingstr. 4.
D.
Alex. 3132 Daak, Gg., Maschinen, Dirschauerstr. 10.
Mpl. 3095 Daab, M. H., Vertr., Köpenickerstr. 74.
Lzw. 7487 v. Daak u. Co., Zweigniederl. SW. 11.
Mpl. 6196 Daasch, Tierarzt, S. 14, Markthalle.
Rhg.(7667) Geschw. Daase, Beamtin, W., Spessartst.
Mpl. 11002 Dabbert, R., Gastw., Richardstr. 109.
Alex. 2269 Dabel, K., Böttcher, Prenzl.-Allee 103.
Hum.(1607) Daebel, E., Fuhrg., Schönh.-Allee 40.
Ndn.12397 Daebel, L., Schneiderm., Linienstr. 126.
Lzw. 6014 Dabelow, G., Schlächter, Potsd.-Str. 76.
Ndn. 1359 Dabelow, Karl, Fleischer, Bergstr. 37.
Ndn. 5097 Dabelow, Max, Fleischer, Borsigstr. 11.
Oliv. 812	Daber-Feiertag, Clara, Parisenstr. 29.
Mpl. 10605 Daberdortz, Alfred, Fabrikbes., SO. 33.
Steph.(4166) Daberkow, M., Gastw., Bamb.-Str. 16.
Lbg. 74	Daberkow, M., Gastw., Hagenstr. 1.
Spd. (715) Daberkow, Paul, Pfarrer, Zimmerstr. 22.
Ztr. 4369	Dabers, A., Gärtner, Mauerstr. 89.
Mb. (7495) Dabers, A., Blumen, Lessingstr. 8.
Stegl. 3222 Dabis, M., Schriftst., H.-Seidelstr. 12.
Kgst. 8965 Daebner, O., Metzger, Ebertystr. 8.
Zehl. 1134 Däbritz, G., Kfm., Milinowskistr. 27.
